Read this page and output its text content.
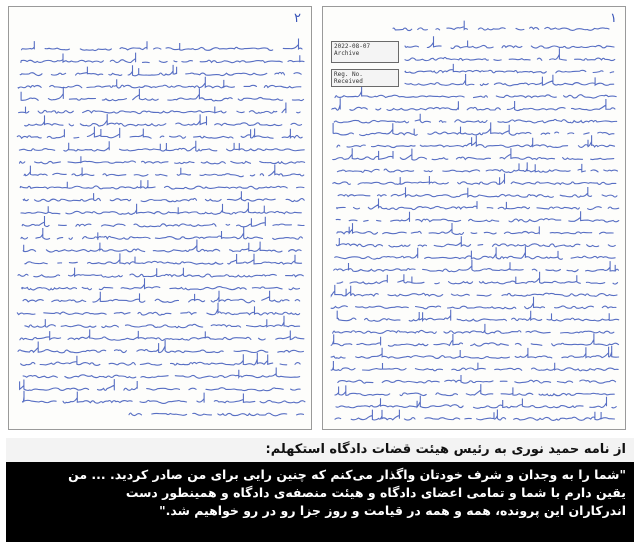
٢	١
2022-08-07
Archive
Reg. No.
Received
از نامه حمید نوری به رئیس هیئت قضات دادگاه استکهلم:
"شما را به وجدان و شرف خودتان واگذار می‌کنم که چنین رایی برای من صادر کردید. ... من
یقین دارم با شما و تمامی اعضای دادگاه و هیئت منصفه‌ی دادگاه و همینطور دست
اندرکاران این پرونده، همه و همه در قیامت و روز جزا رو در رو خواهیم شد."
